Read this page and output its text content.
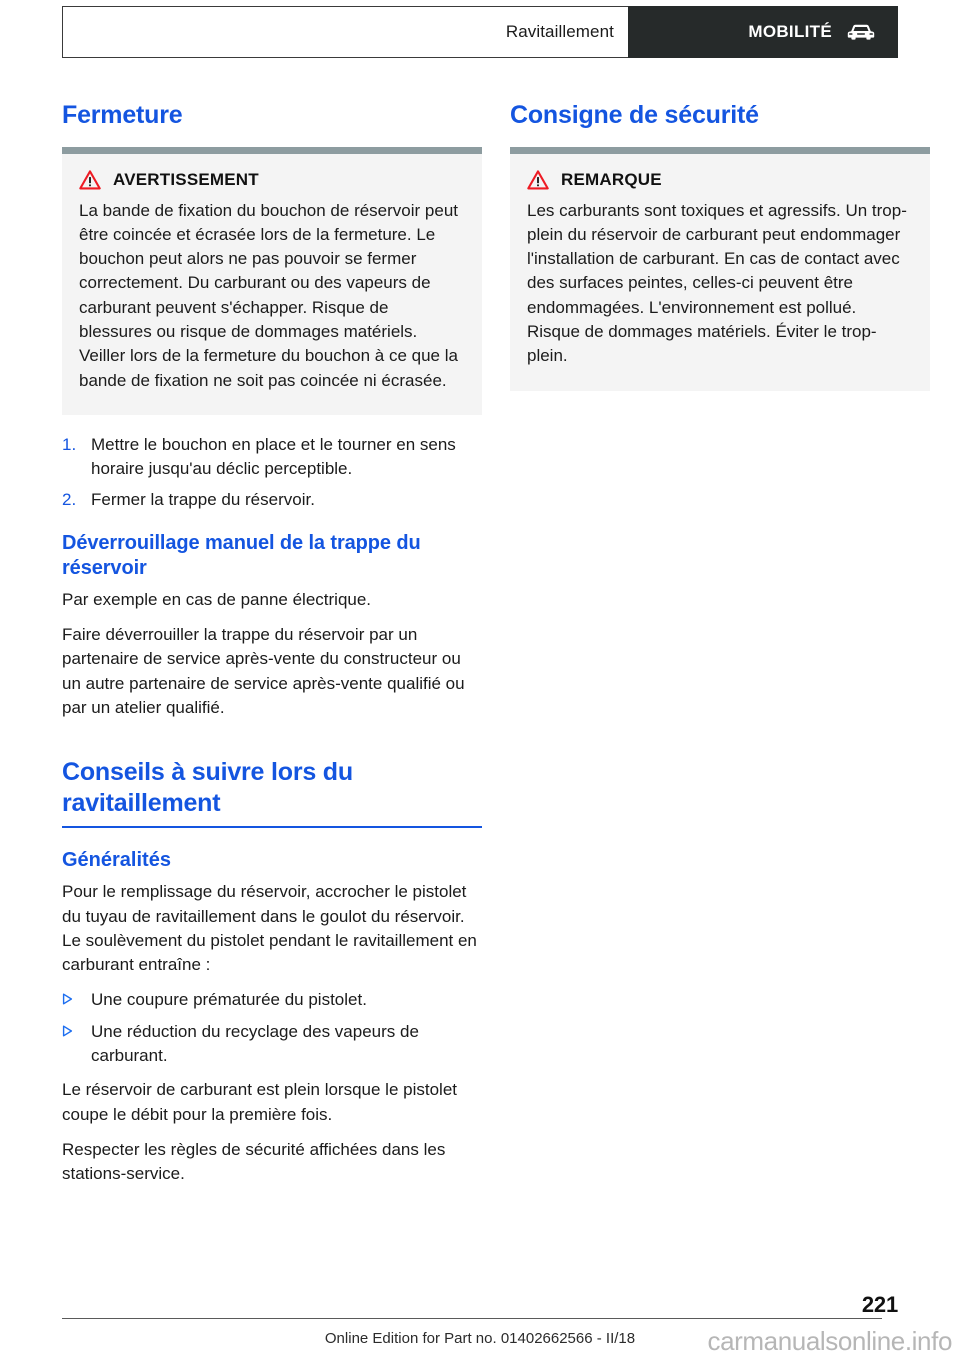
Ravitaillement	MOBILITÉ
Fermeture
AVERTISSEMENT

La bande de fixation du bouchon de réservoir peut être coincée et écrasée lors de la fermeture. Le bouchon peut alors ne pas pouvoir se fermer correctement. Du carburant ou des vapeurs de carburant peuvent s'échapper. Risque de blessures ou risque de dommages matériels. Veiller lors de la fermeture du bouchon à ce que la bande de fixation ne soit pas coincée ni écrasée.

1. Mettre le bouchon en place et le tourner en sens horaire jusqu'au déclic perceptible.
2. Fermer la trappe du réservoir.
Déverrouillage manuel de la trappe du réservoir

Par exemple en cas de panne électrique.

Faire déverrouiller la trappe du réservoir par un partenaire de service après-vente du constructeur ou un autre partenaire de service après-vente qualifié ou par un atelier qualifié.

Conseils à suivre lors du ravitaillement
Généralités

Pour le remplissage du réservoir, accrocher le pistolet du tuyau de ravitaillement dans le goulot du réservoir. Le soulèvement du pistolet pendant le ravitaillement en carburant entraîne :

Une coupure prématurée du pistolet.
Une réduction du recyclage des vapeurs de carburant.

Le réservoir de carburant est plein lorsque le pistolet coupe le débit pour la première fois.

Respecter les règles de sécurité affichées dans les stations-service.

Consigne de sécurité
REMARQUE

Les carburants sont toxiques et agressifs. Un trop-plein du réservoir de carburant peut endommager l'installation de carburant. En cas de contact avec des surfaces peintes, celles-ci peuvent être endommagées. L'environnement est pollué. Risque de dommages matériels. Éviter le trop-plein.

221
Online Edition for Part no. 01402662566 - II/18	carmanualsonline.info
